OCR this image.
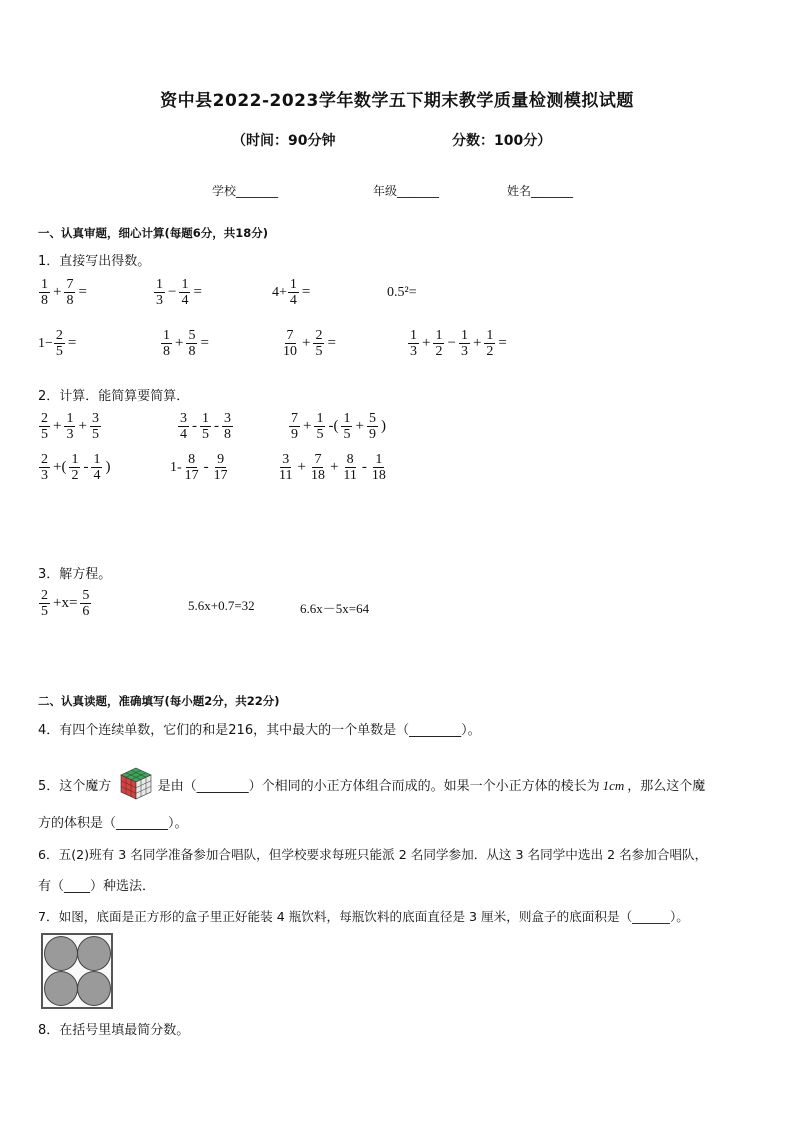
资中县2022-2023学年数学五下期末教学质量检测模拟试题
（时间：90分钟	分数：100分）
学校_______	年级_______	姓名_______
一、认真审题，细心计算(每题6分，共18分)
1．直接写出得数。
1
8
+ $\frac{7}{8}$ =	1
3
− $\frac{1}{4}$ =	$4+ \frac{1}{4}$ =	0.5²=
$1- \frac{2}{5}$ =	1
8
+ $\frac{5}{8}$ =	7
10
+ $\frac{2}{5}$ =	1
3
+ $\frac{1}{2} - \frac{1}{3} + \frac{1}{2}$ =
2．计算．能简算要简算．
2
5
+ $\frac{1}{3} + \frac{3}{5}$	3
4
- 1
5
- 3
8
7
9
+ $\frac{1}{5}$ -( 1
5
+ $\frac{5}{9}$ )
2
3
+( 1
2
- 1
4
)	1- 8
17
- 9
17
3
11
+ $\frac{7}{18} + \frac{8}{11} - 1$
18
3．解方程。
2
5
$+x= \frac{5}{6}$	5.6x+0.7=32	6.6x－5x=64
二、认真读题，准确填写(每小题2分，共22分)
4．有四个连续单数，它们的和是216，其中最大的一个单数是（________）。
5．这个魔方	是由（________）个相同的小正方体组合而成的。如果一个小正方体的棱长为 1cm ，那么这个魔
方的体积是（________）。
6．五(2)班有 3 名同学准备参加合唱队，但学校要求每班只能派 2 名同学参加．从这 3 名同学中选出 2 名参加合唱队，
有（____）种选法．
7．如图，底面是正方形的盒子里正好能装 4 瓶饮料，每瓶饮料的底面直径是 3 厘米，则盒子的底面积是（______）。
8．在括号里填最简分数。
